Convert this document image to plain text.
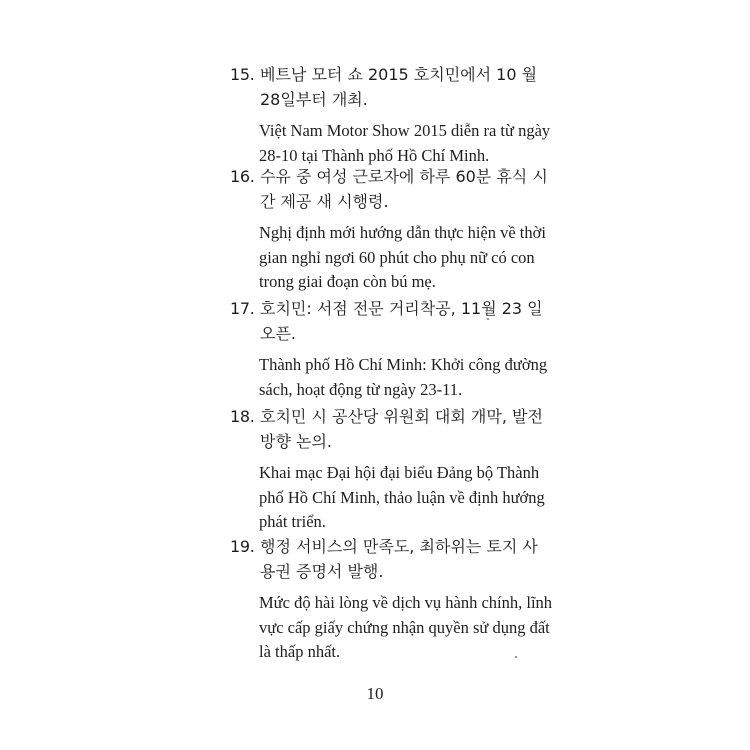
15. 베트남 모터 쇼 2015 호치민에서 10 월 28일부터 개최.
Việt Nam Motor Show 2015 diễn ra từ ngày 28-10 tại Thành phố Hồ Chí Minh.
16. 수유 중 여성 근로자에 하루 60분 휴식 시간 제공 새 시행령.
Nghị định mới hướng dẫn thực hiện về thời gian nghỉ ngơi 60 phút cho phụ nữ có con trong giai đoạn còn bú mẹ.
17. 호치민: 서점 전문 거리착공, 11월 23 일 오픈.
Thành phố Hồ Chí Minh: Khởi công đường sách, hoạt động từ ngày 23-11.
18. 호치민 시 공산당 위원회 대회 개막, 발전 방향 논의.
Khai mạc Đại hội đại biểu Đảng bộ Thành phố Hồ Chí Minh, thảo luận về định hướng phát triển.
19. 행정 서비스의 만족도, 최하위는 토지 사용권 증명서 발행.
Mức độ hài lòng về dịch vụ hành chính, lĩnh vực cấp giấy chứng nhận quyền sử dụng đất là thấp nhất.
10
